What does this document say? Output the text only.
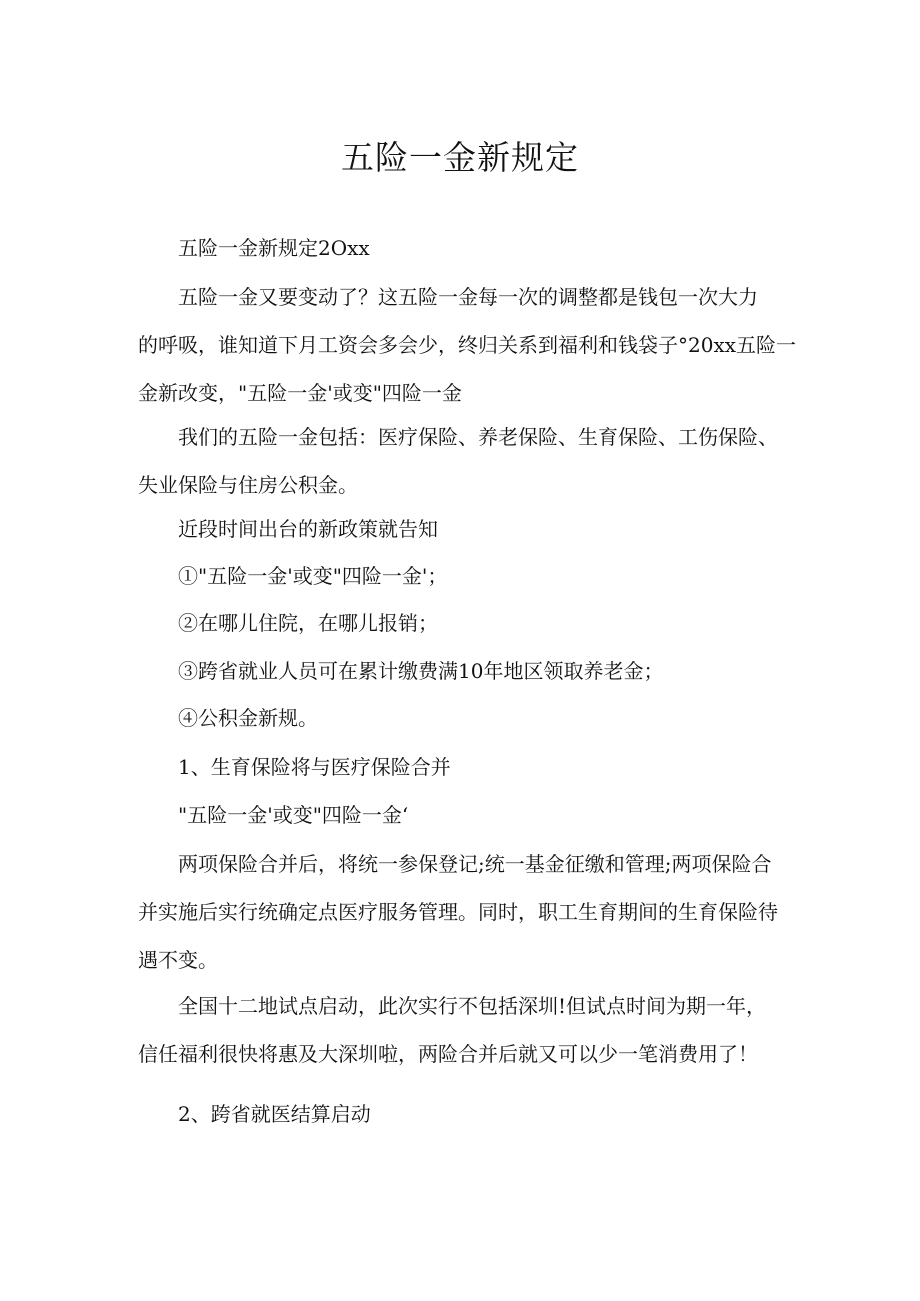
五险一金新规定
五险一金新规定2Oxx
五险一金又要变动了？这五险一金每一次的调整都是钱包一次大力
的呼吸，谁知道下月工资会多会少，终归关系到福利和钱袋子°20xx五险一
金新改变，"五险一金'或变"四险一金
我们的五险一金包括：医疗保险、养老保险、生育保险、工伤保险、
失业保险与住房公积金。
近段时间出台的新政策就告知
①"五险一金'或变"四险一金'；
②在哪儿住院，在哪儿报销；
③跨省就业人员可在累计缴费满10年地区领取养老金；
④公积金新规。
1、生育保险将与医疗保险合并
"五险一金'或变"四险一金‘
两项保险合并后，将统一参保登记;统一基金征缴和管理;两项保险合
并实施后实行统确定点医疗服务管理。同时，职工生育期间的生育保险待
遇不变。
全国十二地试点启动，此次实行不包括深圳!但试点时间为期一年，
信任福利很快将惠及大深圳啦，两险合并后就又可以少一笔消费用了！
2、跨省就医结算启动
